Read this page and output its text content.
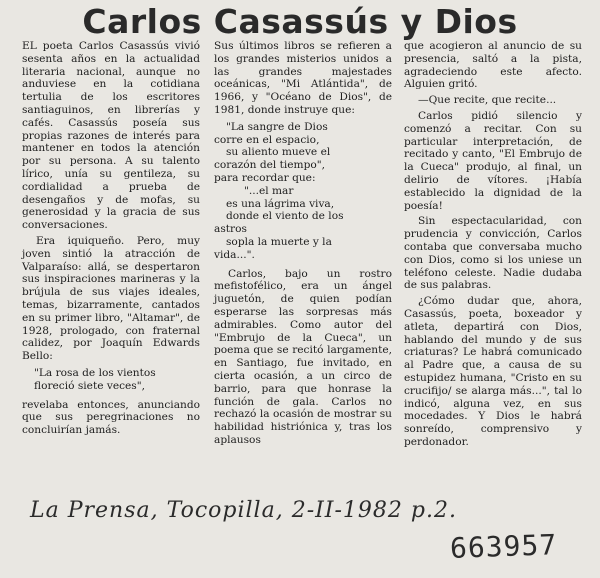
Carlos Casassús y Dios

EL poeta Carlos Casassús vivió sesenta años en la actualidad literaria nacional, aunque no anduviese en la cotidiana tertulia de los escritores santiaguinos, en librerías y cafés. Casassús poseía sus propias razones de interés para mantener en todos la atención por su persona. A su talento lírico, unía su gentileza, su cordialidad a prueba de desengaños y de mofas, su generosidad y la gracia de sus conversaciones.

Era iquiqueño. Pero, muy joven sintió la atracción de Valparaíso: allá, se despertaron sus inspiraciones marineras y la brújula de sus viajes ideales, temas, bizarramente, cantados en su primer libro, "Altamar", de 1928, prologado, con fraternal calidez, por Joaquín Edwards Bello:

"La rosa de los vientos
floreció siete veces",

revelaba entonces, anunciando que sus peregrinaciones no concluirían jamás.

Sus últimos libros se refieren a los grandes misterios unidos a las grandes majestades oceánicas, "Mi Atlántida", de 1966, y "Océano de Dios", de 1981, donde instruye que:

"La sangre de Dios
corre en el espacio,
su aliento mueve el
corazón del tiempo",
para recordar que:
"...el mar
es una lágrima viva,
donde el viento de los
astros
sopla la muerte y la
vida...".

Carlos, bajo un rostro mefistofélico, era un ángel juguetón, de quien podían esperarse las sorpresas más admirables. Como autor del "Embrujo de la Cueca", un poema que se recitó largamente, en Santiago, fue invitado, en cierta ocasión, a un circo de barrio, para que honrase la función de gala. Carlos no rechazó la ocasión de mostrar su habilidad histriónica y, tras los aplausos

que acogieron al anuncio de su presencia, saltó a la pista, agradeciendo este afecto. Alguien gritó.

—Que recite, que recite...

Carlos pidió silencio y comenzó a recitar. Con su particular interpretación, de recitado y canto, "El Embrujo de la Cueca" produjo, al final, un delirio de vítores. ¡Había establecido la dignidad de la poesía!

Sin espectacularidad, con prudencia y convicción, Carlos contaba que conversaba mucho con Dios, como si los uniese un teléfono celeste. Nadie dudaba de sus palabras.

¿Cómo dudar que, ahora, Casassús, poeta, boxeador y atleta, departirá con Dios, hablando del mundo y de sus criaturas? Le habrá comunicado al Padre que, a causa de su estupidez humana, "Cristo en su crucifijo/ se alarga más...", tal lo indicó, alguna vez, en sus mocedades. Y Dios le habrá sonreído, comprensivo y perdonador.

La Prensa, Tocopilla, 2-II-1982 p.2.
663957
